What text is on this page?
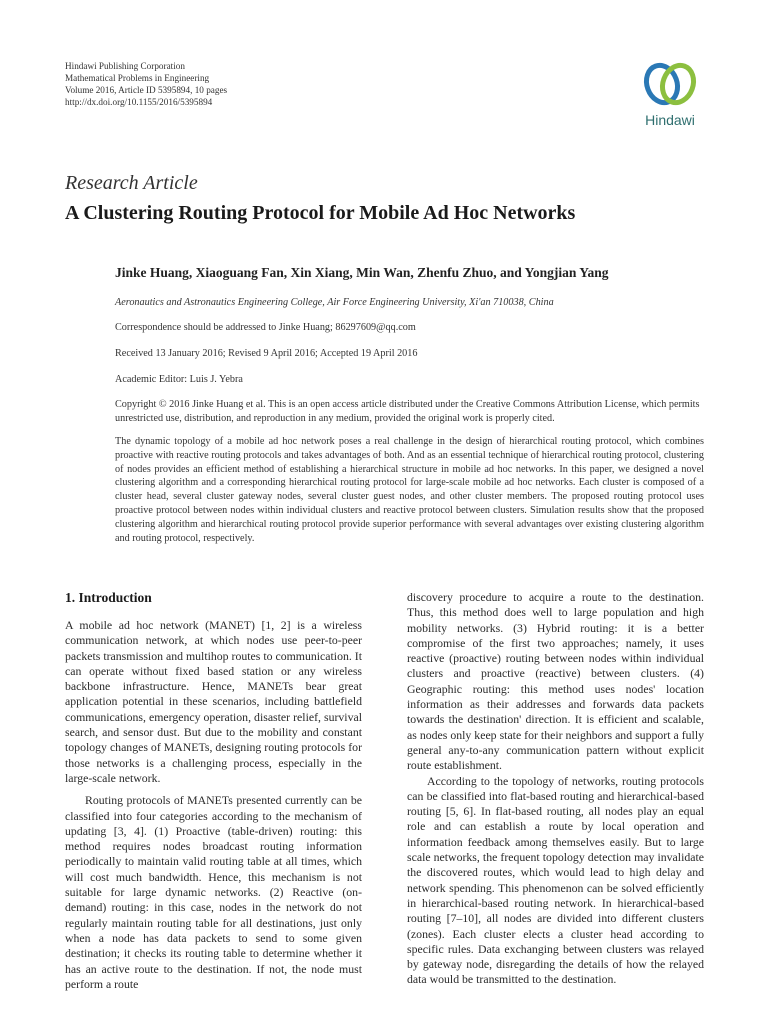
Hindawi Publishing Corporation
Mathematical Problems in Engineering
Volume 2016, Article ID 5395894, 10 pages
http://dx.doi.org/10.1155/2016/5395894
Hindawi
Research Article
A Clustering Routing Protocol for Mobile Ad Hoc Networks
Jinke Huang, Xiaoguang Fan, Xin Xiang, Min Wan, Zhenfu Zhuo, and Yongjian Yang
Aeronautics and Astronautics Engineering College, Air Force Engineering University, Xi'an 710038, China
Correspondence should be addressed to Jinke Huang; 86297609@qq.com
Received 13 January 2016; Revised 9 April 2016; Accepted 19 April 2016
Academic Editor: Luis J. Yebra
Copyright © 2016 Jinke Huang et al. This is an open access article distributed under the Creative Commons Attribution License, which permits unrestricted use, distribution, and reproduction in any medium, provided the original work is properly cited.
The dynamic topology of a mobile ad hoc network poses a real challenge in the design of hierarchical routing protocol, which combines proactive with reactive routing protocols and takes advantages of both. And as an essential technique of hierarchical routing protocol, clustering of nodes provides an efficient method of establishing a hierarchical structure in mobile ad hoc networks. In this paper, we designed a novel clustering algorithm and a corresponding hierarchical routing protocol for large-scale mobile ad hoc networks. Each cluster is composed of a cluster head, several cluster gateway nodes, several cluster guest nodes, and other cluster members. The proposed routing protocol uses proactive protocol between nodes within individual clusters and reactive protocol between clusters. Simulation results show that the proposed clustering algorithm and hierarchical routing protocol provide superior performance with several advantages over existing clustering algorithm and routing protocol, respectively.
1. Introduction

A mobile ad hoc network (MANET) [1, 2] is a wireless communication network, at which nodes use peer-to-peer packets transmission and multihop routes to communication. It can operate without fixed based station or any wireless backbone infrastructure. Hence, MANETs bear great application potential in these scenarios, including battlefield communications, emergency operation, disaster relief, survival search, and sensor dust. But due to the mobility and constant topology changes of MANETs, designing routing protocols for those networks is a challenging process, especially in the large-scale network.

Routing protocols of MANETs presented currently can be classified into four categories according to the mechanism of updating [3, 4]. (1) Proactive (table-driven) routing: this method requires nodes broadcast routing information periodically to maintain valid routing table at all times, which will cost much bandwidth. Hence, this mechanism is not suitable for large dynamic networks. (2) Reactive (on-demand) routing: in this case, nodes in the network do not regularly maintain routing table for all destinations, just only when a node has data packets to send to some given destination; it checks its routing table to determine whether it has an active route to the destination. If not, the node must perform a route

discovery procedure to acquire a route to the destination. Thus, this method does well to large population and high mobility networks. (3) Hybrid routing: it is a better compromise of the first two approaches; namely, it uses reactive (proactive) routing between nodes within individual clusters and proactive (reactive) between clusters. (4) Geographic routing: this method uses nodes' location information as their addresses and forwards data packets towards the destination' direction. It is efficient and scalable, as nodes only keep state for their neighbors and support a fully general any-to-any communication pattern without explicit route establishment.

According to the topology of networks, routing protocols can be classified into flat-based routing and hierarchical-based routing [5, 6]. In flat-based routing, all nodes play an equal role and can establish a route by local operation and information feedback among themselves easily. But to large scale networks, the frequent topology detection may invalidate the discovered routes, which would lead to high delay and network spending. This phenomenon can be solved efficiently in hierarchical-based routing network. In hierarchical-based routing [7–10], all nodes are divided into different clusters (zones). Each cluster elects a cluster head according to specific rules. Data exchanging between clusters was relayed by gateway node, disregarding the details of how the relayed data would be transmitted to the destination.
